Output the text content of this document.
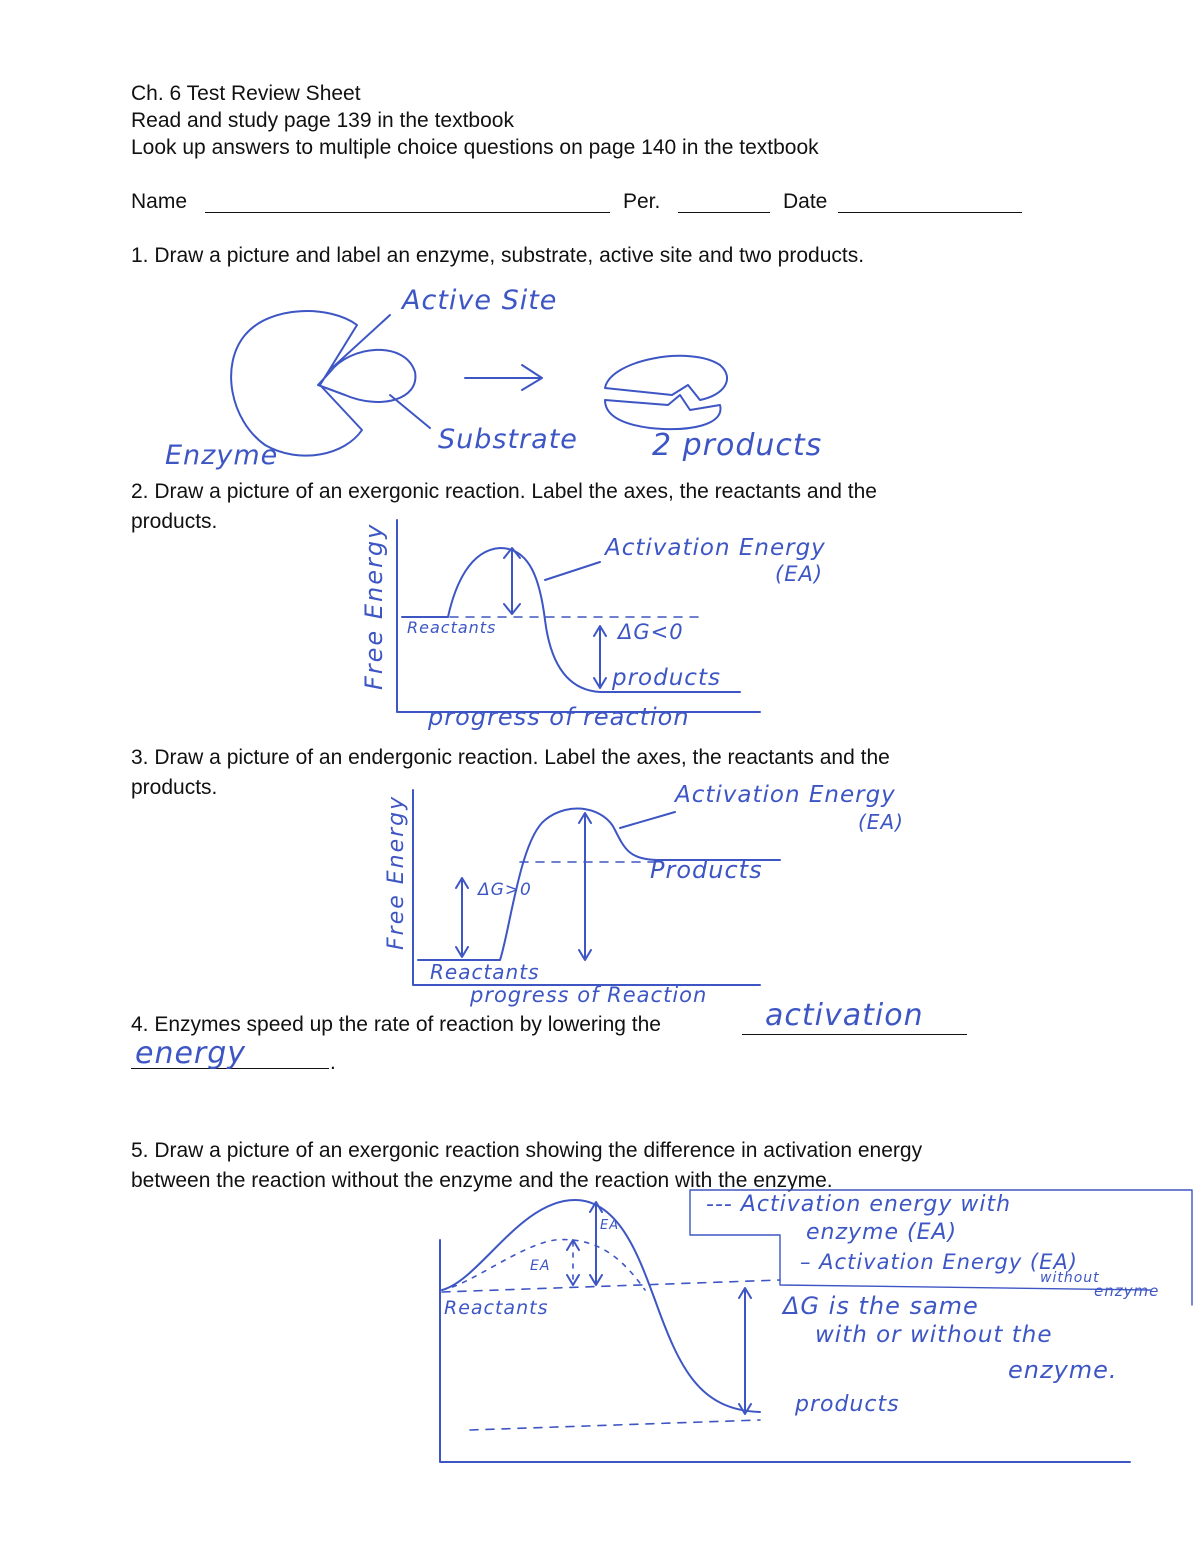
Ch. 6 Test Review Sheet
Read and study page 139 in the textbook
Look up answers to multiple choice questions on page 140 in the textbook
Name	Per.	Date
1. Draw a picture and label an enzyme, substrate, active site and two products.
2. Draw a picture of an exergonic reaction. Label the axes, the reactants and the
products.
3. Draw a picture of an endergonic reaction. Label the axes, the reactants and the
products.
4. Enzymes speed up the rate of reaction by lowering the
.
5. Draw a picture of an exergonic reaction showing the difference in activation energy
between the reaction without the enzyme and the reaction with the enzyme.
Active Site
Enzyme
Substrate 2 products
Free Energy
progress of reaction
Activation Energy
(EA)
Reactants	ΔG<0
products
Free Energy
progress of Reaction
Activation Energy
(EA)
Products
ΔG>0
Reactants
activation
energy
EA
EA
Reactants
--- Activation energy with
enzyme (EA)
– Activation Energy (EA)
without
enzyme
ΔG is the same
with or without the
enzyme.
products
